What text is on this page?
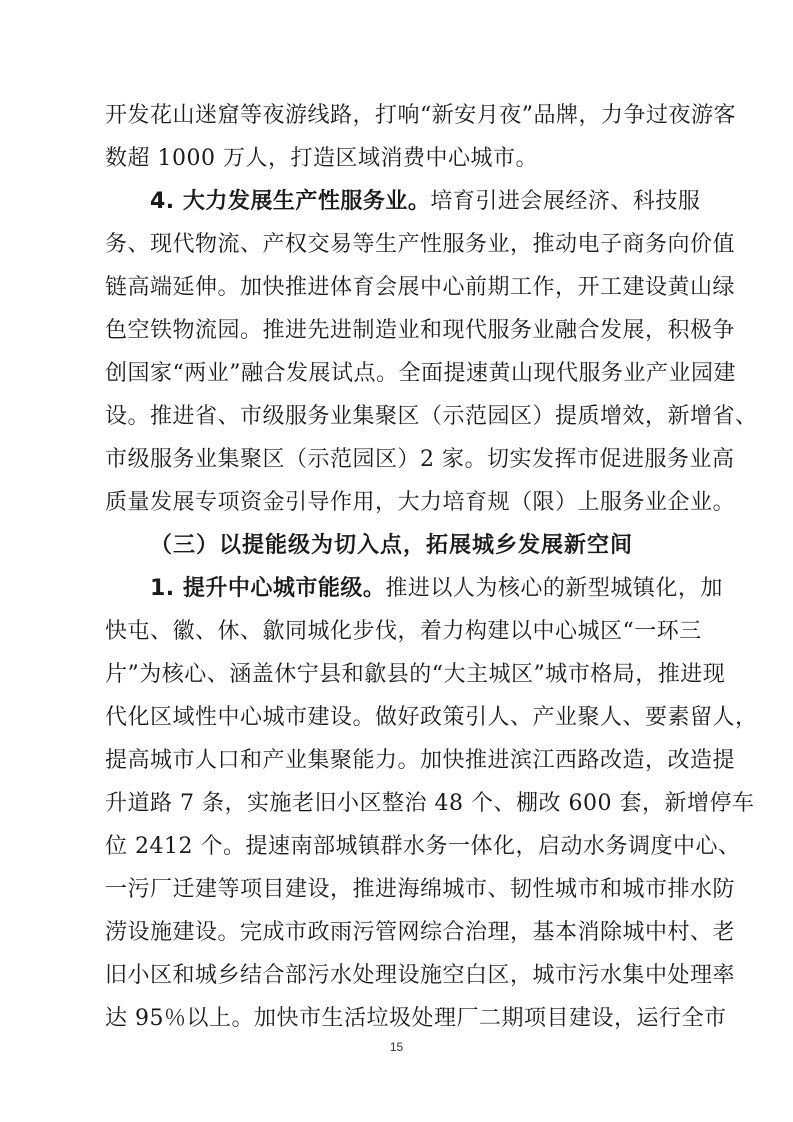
开发花山迷窟等夜游线路，打响“新安月夜”品牌，力争过夜游客
数超 1000 万人，打造区域消费中心城市。
4. 大力发展生产性服务业。培育引进会展经济、科技服
务、现代物流、产权交易等生产性服务业，推动电子商务向价值
链高端延伸。加快推进体育会展中心前期工作，开工建设黄山绿
色空铁物流园。推进先进制造业和现代服务业融合发展，积极争
创国家“两业”融合发展试点。全面提速黄山现代服务业产业园建
设。推进省、市级服务业集聚区（示范园区）提质增效，新增省、
市级服务业集聚区（示范园区）2 家。切实发挥市促进服务业高
质量发展专项资金引导作用，大力培育规（限）上服务业企业。
（三）以提能级为切入点，拓展城乡发展新空间
1. 提升中心城市能级。推进以人为核心的新型城镇化，加
快屯、徽、休、歙同城化步伐，着力构建以中心城区“一环三
片”为核心、涵盖休宁县和歙县的“大主城区”城市格局，推进现
代化区域性中心城市建设。做好政策引人、产业聚人、要素留人，
提高城市人口和产业集聚能力。加快推进滨江西路改造，改造提
升道路 7 条，实施老旧小区整治 48 个、棚改 600 套，新增停车
位 2412 个。提速南部城镇群水务一体化，启动水务调度中心、
一污厂迁建等项目建设，推进海绵城市、韧性城市和城市排水防
涝设施建设。完成市政雨污管网综合治理，基本消除城中村、老
旧小区和城乡结合部污水处理设施空白区，城市污水集中处理率
达 95％以上。加快市生活垃圾处理厂二期项目建设，运行全市
15
